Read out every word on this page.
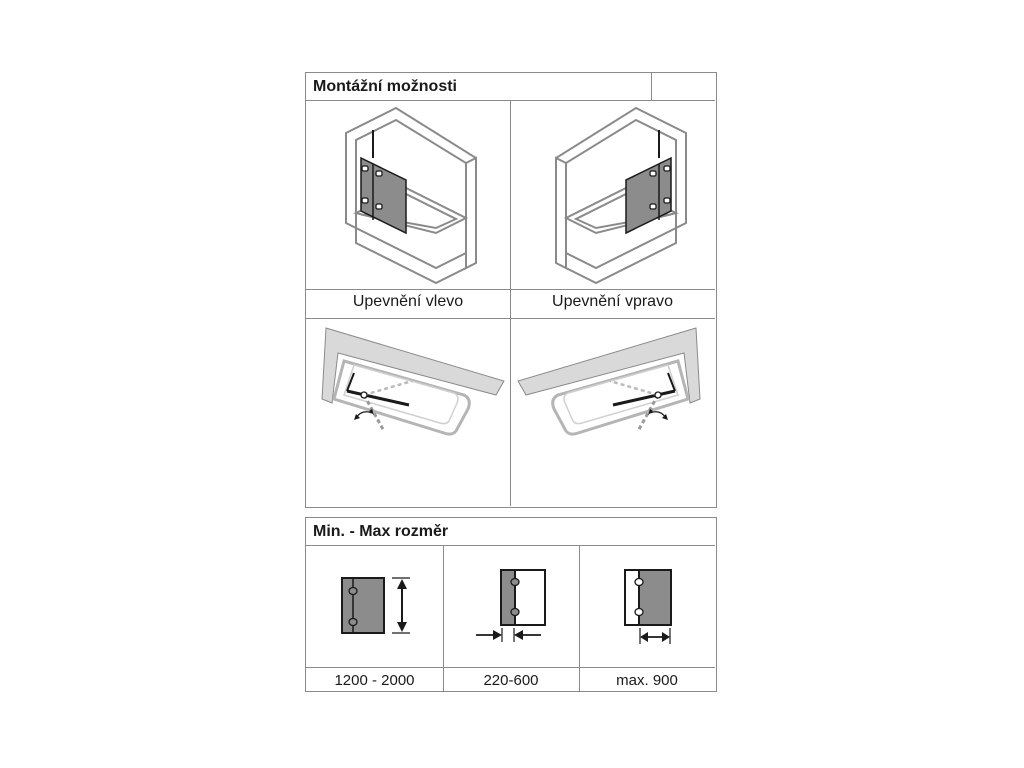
Montážní možnosti
Upevnění vlevo	Upevnění vpravo
Min. - Max rozměr
1200 - 2000	220-600	max. 900
